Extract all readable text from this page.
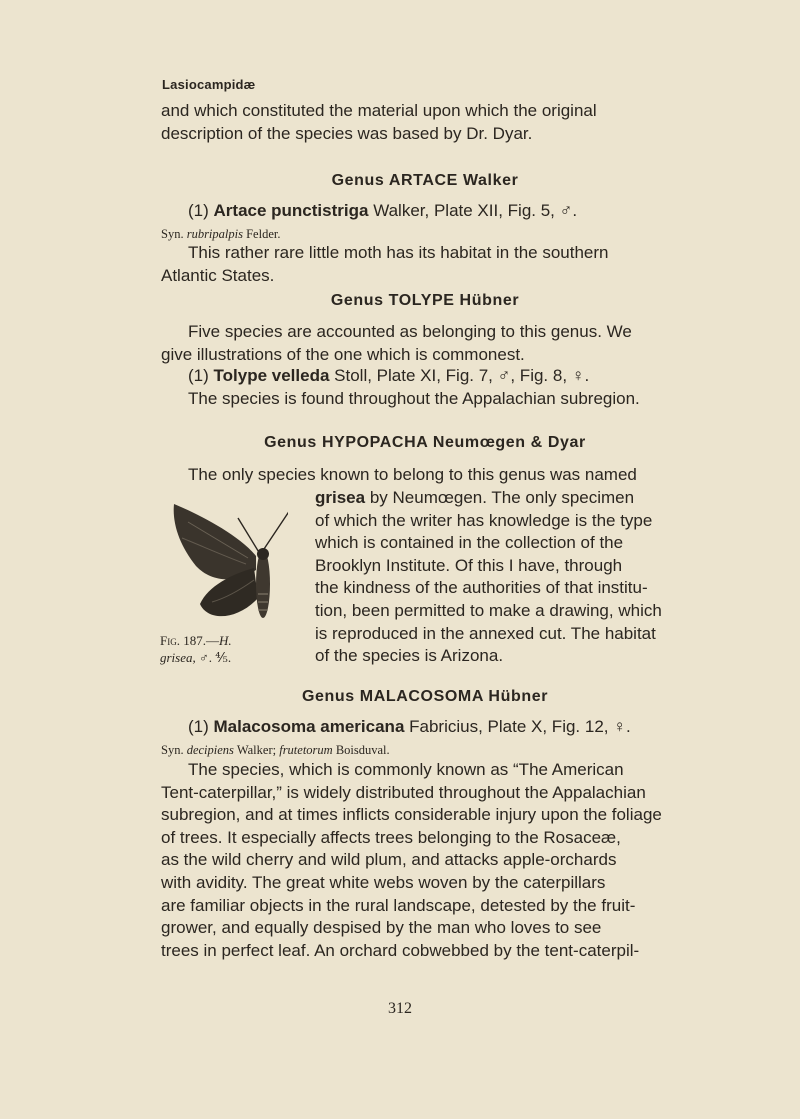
Lasiocampidæ
and which constituted the material upon which the original
description of the species was based by Dr. Dyar.
Genus ARTACE Walker
(1) Artace punctistriga Walker, Plate XII, Fig. 5, ♂.
Syn. rubripalpis Felder.
This rather rare little moth has its habitat in the southern
Atlantic States.
Genus TOLYPE Hübner
Five species are accounted as belonging to this genus. We
give illustrations of the one which is commonest.
(1) Tolype velleda Stoll, Plate XI, Fig. 7, ♂, Fig. 8, ♀.
The species is found throughout the Appalachian subregion.
Genus HYPOPACHA Neumœgen & Dyar
The only species known to belong to this genus was named
Fig. 187.—H.
grisea, ♂. ⅘.
grisea by Neumœgen. The only specimen
of which the writer has knowledge is the type
which is contained in the collection of the
Brooklyn Institute. Of this I have, through
the kindness of the authorities of that institu-
tion, been permitted to make a drawing, which
is reproduced in the annexed cut. The habitat
of the species is Arizona.
Genus MALACOSOMA Hübner
(1) Malacosoma americana Fabricius, Plate X, Fig. 12, ♀.
Syn. decipiens Walker; frutetorum Boisduval.
The species, which is commonly known as “The American
Tent-caterpillar,” is widely distributed throughout the Appalachian
subregion, and at times inflicts considerable injury upon the foliage
of trees. It especially affects trees belonging to the Rosaceæ,
as the wild cherry and wild plum, and attacks apple-orchards
with avidity. The great white webs woven by the caterpillars
are familiar objects in the rural landscape, detested by the fruit-
grower, and equally despised by the man who loves to see
trees in perfect leaf. An orchard cobwebbed by the tent-caterpil-
312
